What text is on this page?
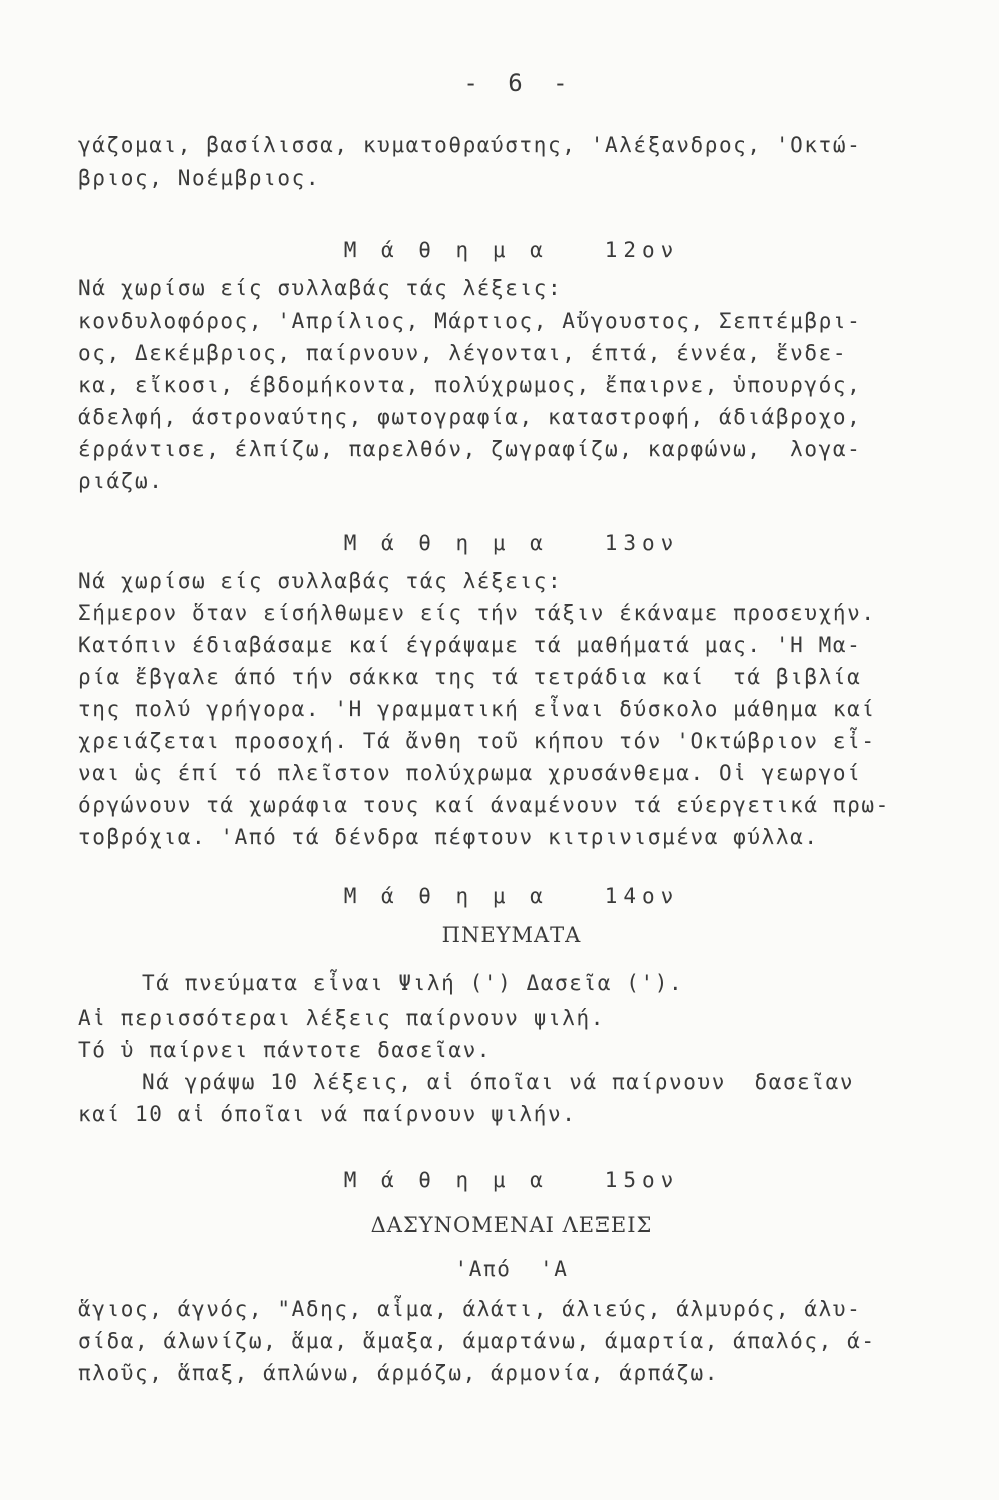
- 6 -
γάζομαι, βασίλισσα, κυματοθραύστης, 'Αλέξανδρος, 'Οκτώ-
βριος, Νοέμβριος.
Μ ά θ η μ α   12ον
Νά χωρίσω είς συλλαβάς τάς λέξεις:
κονδυλοφόρος, 'Απρίλιος, Μάρτιος, Αὔγουστος, Σεπτέμβρι-
ος, Δεκέμβριος, παίρνουν, λέγονται, έπτά, έννέα, ἕνδε-
κα, εἴκοσι, έβδομήκοντα, πολύχρωμος, ἔπαιρνε, ὑπουργός,
άδελφή, άστροναύτης, φωτογραφία, καταστροφή, άδιάβροχο,
έρράντισε, έλπίζω, παρελθόν, ζωγραφίζω, καρφώνω,  λογα-
ριάζω.
Μ ά θ η μ α   13ον
Νά χωρίσω είς συλλαβάς τάς λέξεις:
Σήμερον ὅταν είσήλθωμεν είς τήν τάξιν έκάναμε προσευχήν.
Κατόπιν έδιαβάσαμε καί έγράψαμε τά μαθήματά μας. 'Η Μα-
ρία ἔβγαλε άπό τήν σάκκα της τά τετράδια καί  τά βιβλία
της πολύ γρήγορα. 'Η γραμματική εἶναι δύσκολο μάθημα καί
χρειάζεται προσοχή. Τά ἄνθη τοῦ κήπου τόν 'Οκτώβριον εἶ-
ναι ὡς έπί τό πλεῖστον πολύχρωμα χρυσάνθεμα. Οἱ γεωργοί
όργώνουν τά χωράφια τους καί άναμένουν τά εύεργετικά πρω-
τοβρόχια. 'Από τά δένδρα πέφτουν κιτρινισμένα φύλλα.
Μ ά θ η μ α   14ον
ΠΝΕΥΜΑΤΑ
Τά πνεύματα εἶναι Ψιλή (') Δασεῖα (').
Αἱ περισσότεραι λέξεις παίρνουν ψιλή.
Τό ὑ παίρνει πάντοτε δασεῖαν.
Νά γράψω 10 λέξεις, αἱ όποῖαι νά παίρνουν  δασεῖαν
καί 10 αἱ όποῖαι νά παίρνουν ψιλήν.
Μ ά θ η μ α   15ον
ΔΑΣΥΝΟΜΕΝΑΙ ΛΕΞΕΙΣ
'Από  'Α
ἅγιος, άγνός, "Αδης, αἷμα, άλάτι, άλιεύς, άλμυρός, άλυ-
σίδα, άλωνίζω, ἅμα, ἅμαξα, άμαρτάνω, άμαρτία, άπαλός, ά-
πλοῦς, ἅπαξ, άπλώνω, άρμόζω, άρμονία, άρπάζω.
